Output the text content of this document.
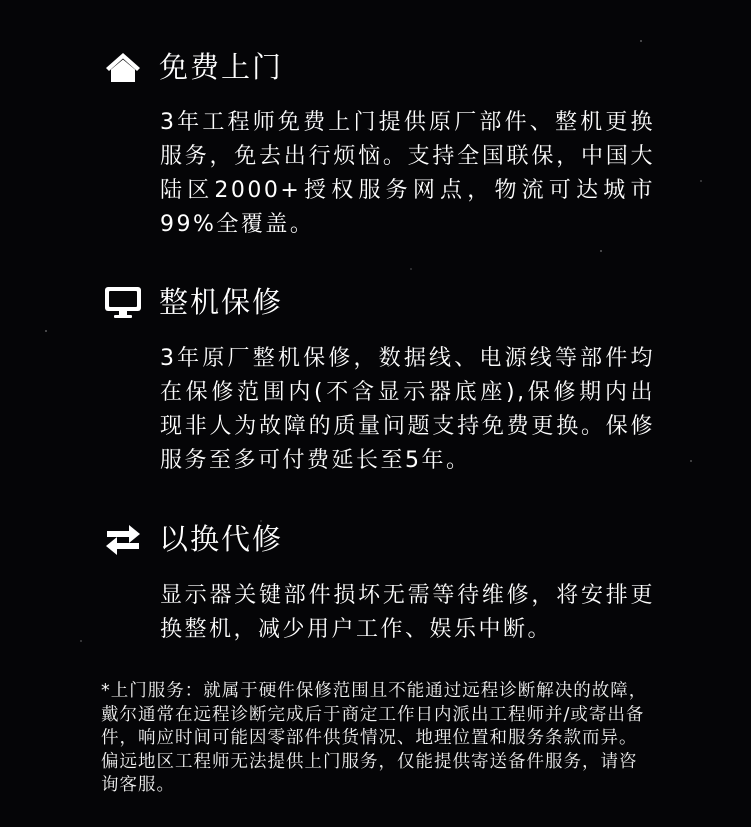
免费上门

3年工程师免费上门提供原厂部件、整机更换服务，免去出行烦恼。支持全国联保，中国大陆区2000+授权服务网点，物流可达城市99%全覆盖。

整机保修

3年原厂整机保修，数据线、电源线等部件均在保修范围内(不含显示器底座),保修期内出现非人为故障的质量问题支持免费更换。保修服务至多可付费延长至5年。

以换代修

显示器关键部件损坏无需等待维修，将安排更换整机，减少用户工作、娱乐中断。

*上门服务：就属于硬件保修范围且不能通过远程诊断解决的故障，戴尔通常在远程诊断完成后于商定工作日内派出工程师并/或寄出备件，响应时间可能因零部件供货情况、地理位置和服务条款而异。偏远地区工程师无法提供上门服务，仅能提供寄送备件服务，请咨询客服。
